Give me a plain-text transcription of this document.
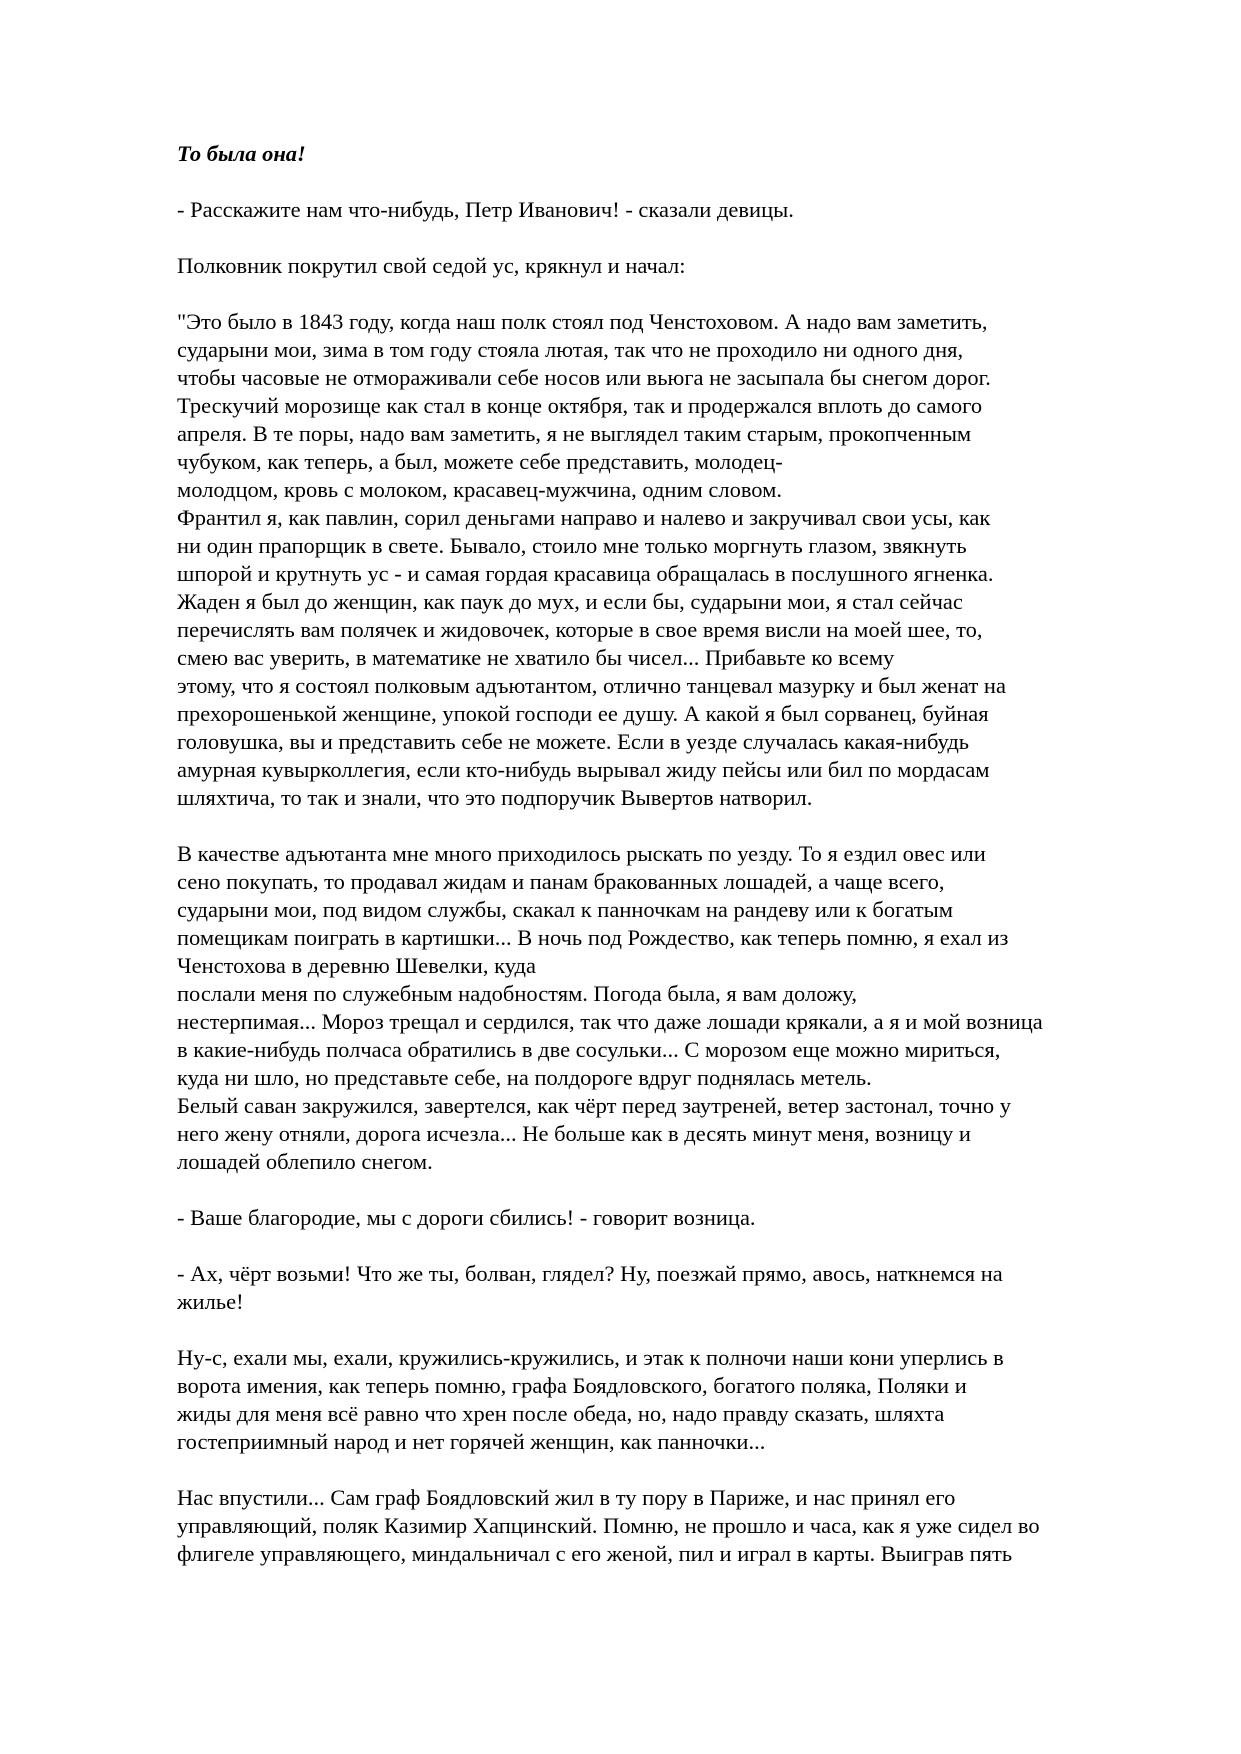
То была она!
- Расскажите нам что-нибудь, Петр Иванович! - сказали девицы.
Полковник покрутил свой седой ус, крякнул и начал:
"Это было в 1843 году, когда наш полк стоял под Ченстоховом. А надо вам заметить,
сударыни мои, зима в том году стояла лютая, так что не проходило ни одного дня,
чтобы часовые не отмораживали себе носов или вьюга не засыпала бы снегом дорог.
Трескучий морозище как стал в конце октября, так и продержался вплоть до самого
апреля. В те поры, надо вам заметить, я не выглядел таким старым, прокопченным
чубуком, как теперь, а был, можете себе представить, молодец-
молодцом, кровь с молоком, красавец-мужчина, одним словом.
Франтил я, как павлин, сорил деньгами направо и налево и закручивал свои усы, как
ни один прапорщик в свете. Бывало, стоило мне только моргнуть глазом, звякнуть
шпорой и крутнуть ус - и самая гордая красавица обращалась в послушного ягненка.
Жаден я был до женщин, как паук до мух, и если бы, сударыни мои, я стал сейчас
перечислять вам полячек и жидовочек, которые в свое время висли на моей шее, то,
смею вас уверить, в математике не хватило бы чисел... Прибавьте ко всему
этому, что я состоял полковым адъютантом, отлично танцевал мазурку и был женат на
прехорошенькой женщине, упокой господи ее душу. А какой я был сорванец, буйная
головушка, вы и представить себе не можете. Если в уезде случалась какая-нибудь
амурная кувырколлегия, если кто-нибудь вырывал жиду пейсы или бил по мордасам
шляхтича, то так и знали, что это подпоручик Вывертов натворил.
В качестве адъютанта мне много приходилось рыскать по уезду. То я ездил овес или
сено покупать, то продавал жидам и панам бракованных лошадей, а чаще всего,
сударыни мои, под видом службы, скакал к панночкам на рандеву или к богатым
помещикам поиграть в картишки... В ночь под Рождество, как теперь помню, я ехал из
Ченстохова в деревню Шевелки, куда
послали меня по служебным надобностям. Погода была, я вам доложу,
нестерпимая... Мороз трещал и сердился, так что даже лошади крякали, а я и мой возница
в какие-нибудь полчаса обратились в две сосульки... С морозом еще можно мириться,
куда ни шло, но представьте себе, на полдороге вдруг поднялась метель.
Белый саван закружился, завертелся, как чёрт перед заутреней, ветер застонал, точно у
него жену отняли, дорога исчезла... Не больше как в десять минут меня, возницу и
лошадей облепило снегом.
- Ваше благородие, мы с дороги сбились! - говорит возница.
- Ах, чёрт возьми! Что же ты, болван, глядел? Ну, поезжай прямо, авось, наткнемся на
жилье!
Ну-с, ехали мы, ехали, кружились-кружились, и этак к полночи наши кони уперлись в
ворота имения, как теперь помню, графа Боядловского, богатого поляка, Поляки и
жиды для меня всё равно что хрен после обеда, но, надо правду сказать, шляхта
гостеприимный народ и нет горячей женщин, как панночки...
Нас впустили... Сам граф Боядловский жил в ту пору в Париже, и нас принял его
управляющий, поляк Казимир Хапцинский. Помню, не прошло и часа, как я уже сидел во
флигеле управляющего, миндальничал с его женой, пил и играл в карты. Выиграв пять
